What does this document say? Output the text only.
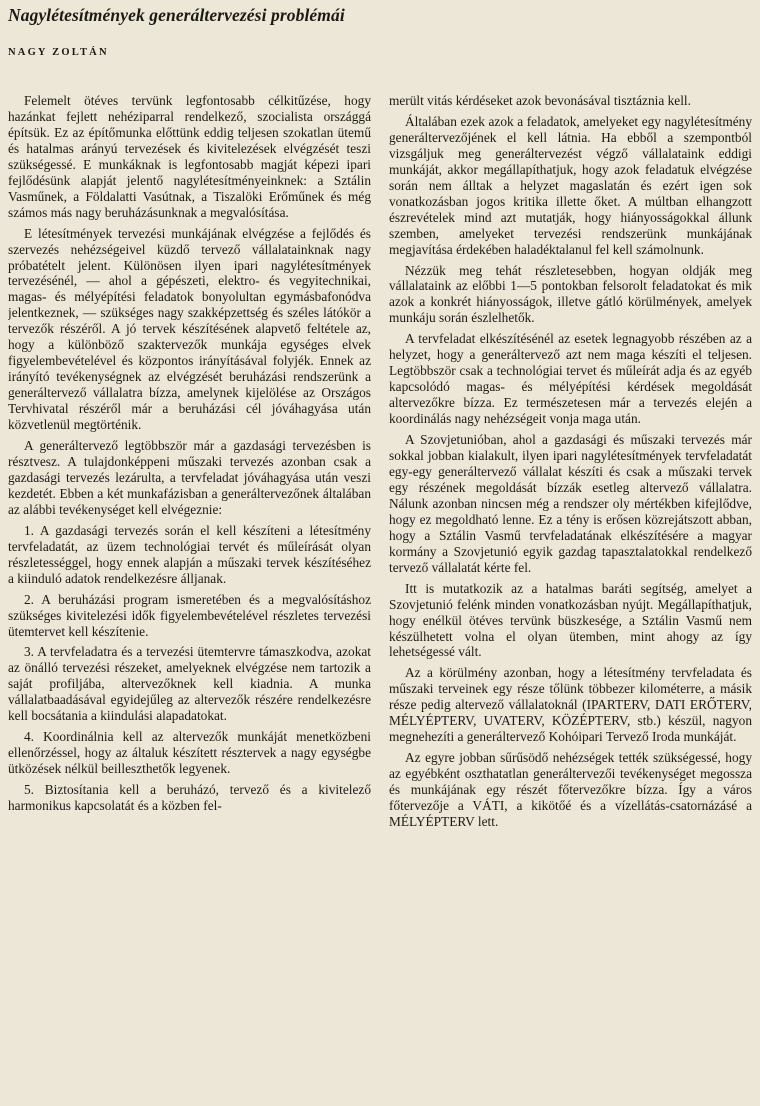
Nagylétesítmények generáltervezési problémái
NAGY ZOLTÁN

Felemelt ötéves tervünk legfontosabb célkitűzése, hogy hazánkat fejlett nehéziparral rendelkező, szocialista országgá építsük. Ez az építőmunka előttünk eddig teljesen szokatlan ütemű és hatalmas arányú tervezések és kivitelezések elvégzését teszi szükségessé. E munkáknak is legfontosabb magját képezi ipari fejlődésünk alapját jelentő nagylétesítményeinknek: a Sztálin Vasműnek, a Földalatti Vasútnak, a Tiszalöki Erőműnek és még számos más nagy beruházásunknak a megvalósítása.

E létesítmények tervezési munkájának elvégzése a fejlődés és szervezés nehézségeivel küzdő tervező vállalatainknak nagy próbatételt jelent. Különösen ilyen ipari nagylétesítmények tervezésénél, — ahol a gépészeti, elektro- és vegyitechnikai, magas- és mélyépítési feladatok bonyolultan egymásbafonódva jelentkeznek, — szükséges nagy szakképzettség és széles látókör a tervezők részéről. A jó tervek készítésének alapvető feltétele az, hogy a különböző szaktervezők munkája egységes elvek figyelembevételével és központos irányításával folyjék. Ennek az irányító tevékenységnek az elvégzését beruházási rendszerünk a generáltervező vállalatra bízza, amelynek kijelölése az Országos Tervhivatal részéről már a beruházási cél jóváhagyása után közvetlenül megtörténik.

A generáltervező legtöbbször már a gazdasági tervezésben is résztvesz. A tulajdonképpeni műszaki tervezés azonban csak a gazdasági tervezés lezárulta, a tervfeladat jóváhagyása után veszi kezdetét. Ebben a két munkafázisban a generáltervezőnek általában az alábbi tevékenységet kell elvégeznie:

1. A gazdasági tervezés során el kell készíteni a létesítmény tervfeladatát, az üzem technológiai tervét és műleírását olyan részletességgel, hogy ennek alapján a műszaki tervek készítéséhez a kiinduló adatok rendelkezésre álljanak.

2. A beruházási program ismeretében és a megvalósításhoz szükséges kivitelezési idők figyelembevételével részletes tervezési ütemtervet kell készítenie.

3. A tervfeladatra és a tervezési ütemtervre támaszkodva, azokat az önálló tervezési részeket, amelyeknek elvégzése nem tartozik a saját profiljába, altervezőknek kell kiadnia. A munka vállalatbaadásával egyidejűleg az altervezők részére rendelkezésre kell bocsátania a kiindulási alapadatokat.

4. Koordinálnia kell az altervezők munkáját menetközbeni ellenőrzéssel, hogy az általuk készített résztervek a nagy egységbe ütközések nélkül beilleszthetők legyenek.

5. Biztosítania kell a beruházó, tervező és a kivitelező harmonikus kapcsolatát és a közben fel-

merült vitás kérdéseket azok bevonásával tisztáznia kell.

Általában ezek azok a feladatok, amelyeket egy nagylétesítmény generáltervezőjének el kell látnia. Ha ebből a szempontból vizsgáljuk meg generáltervezést végző vállalataink eddigi munkáját, akkor megállapíthatjuk, hogy azok feladatuk elvégzése során nem álltak a helyzet magaslatán és ezért igen sok vonatkozásban jogos kritika illette őket. A múltban elhangzott észrevételek mind azt mutatják, hogy hiányosságokkal állunk szemben, amelyeket tervezési rendszerünk munkájának megjavítása érdekében haladéktalanul fel kell számolnunk.

Nézzük meg tehát részletesebben, hogyan oldják meg vállalataink az előbbi 1—5 pontokban felsorolt feladatokat és mik azok a konkrét hiányosságok, illetve gátló körülmények, amelyek munkáju során észlelhetők.

A tervfeladat elkészítésénél az esetek legnagyobb részében az a helyzet, hogy a generáltervező azt nem maga készíti el teljesen. Legtöbbször csak a technológiai tervet és műleírát adja és az egyéb kapcsolódó magas- és mélyépítési kérdések megoldását altervezőkre bízza. Ez természetesen már a tervezés elején a koordinálás nagy nehézségeit vonja maga után.

A Szovjetunióban, ahol a gazdasági és műszaki tervezés már sokkal jobban kialakult, ilyen ipari nagylétesítmények tervfeladatát egy-egy generáltervező vállalat készíti és csak a műszaki tervek egy részének megoldását bízzák esetleg altervező vállalatra. Nálunk azonban nincsen még a rendszer oly mértékben kifejlődve, hogy ez megoldható lenne. Ez a tény is erősen közrejátszott abban, hogy a Sztálin Vasmű tervfeladatának elkészítésére a magyar kormány a Szovjetunió egyik gazdag tapasztalatokkal rendelkező tervező vállalatát kérte fel.

Itt is mutatkozik az a hatalmas baráti segítség, amelyet a Szovjetunió felénk minden vonatkozásban nyújt. Megállapíthatjuk, hogy enélkül ötéves tervünk büszkesége, a Sztálin Vasmű nem készülhetett volna el olyan ütemben, mint ahogy az így lehetségessé vált.

Az a körülmény azonban, hogy a létesítmény tervfeladata és műszaki terveinek egy része tőlünk többezer kilométerre, a másik része pedig altervező vállalatoknál (IPARTERV, DATI ERŐTERV, MÉLYÉPTERV, UVATERV, KÖZÉPTERV, stb.) készül, nagyon megnehezíti a generáltervező Kohóipari Tervező Iroda munkáját.

Az egyre jobban sűrűsödő nehézségek tették szükségessé, hogy az egyébként oszthatatlan generáltervezői tevékenységet megossza és munkájának egy részét főtervezőkre bízza. Így a város főtervezője a VÁTI, a kikötőé és a vízellátás-csatornázásé a MÉLYÉPTERV lett.
